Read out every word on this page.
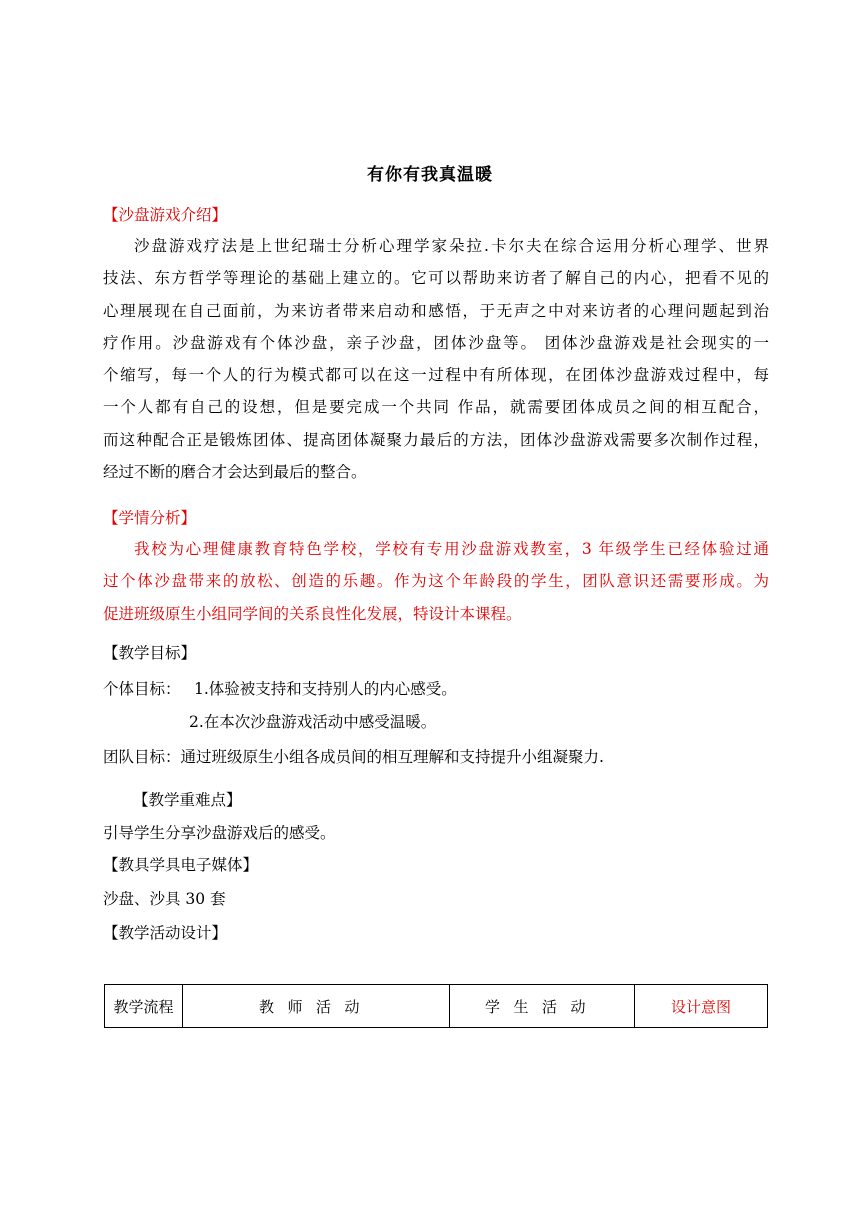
有你有我真温暖
【沙盘游戏介绍】
沙盘游戏疗法是上世纪瑞士分析心理学家朵拉.卡尔夫在综合运用分析心理学、世界
技法、东方哲学等理论的基础上建立的。它可以帮助来访者了解自己的内心，把看不见的
心理展现在自己面前，为来访者带来启动和感悟，于无声之中对来访者的心理问题起到治
疗作用。沙盘游戏有个体沙盘，亲子沙盘，团体沙盘等。 团体沙盘游戏是社会现实的一
个缩写，每一个人的行为模式都可以在这一过程中有所体现，在团体沙盘游戏过程中，每
一个人都有自己的设想，但是要完成一个共同 作品，就需要团体成员之间的相互配合，
而这种配合正是锻炼团体、提高团体凝聚力最后的方法，团体沙盘游戏需要多次制作过程，
经过不断的磨合才会达到最后的整合。
【学情分析】
我校为心理健康教育特色学校，学校有专用沙盘游戏教室，3 年级学生已经体验过通
过个体沙盘带来的放松、创造的乐趣。作为这个年龄段的学生，团队意识还需要形成。为
促进班级原生小组同学间的关系良性化发展，特设计本课程。
【教学目标】
个体目标： 1.体验被支持和支持别人的内心感受。
2.在本次沙盘游戏活动中感受温暖。
团队目标：通过班级原生小组各成员间的相互理解和支持提升小组凝聚力.
【教学重难点】
引导学生分享沙盘游戏后的感受。
【教具学具电子媒体】
沙盘、沙具 30 套
【教学活动设计】
教学流程	教师活动	学生活动	设计意图
